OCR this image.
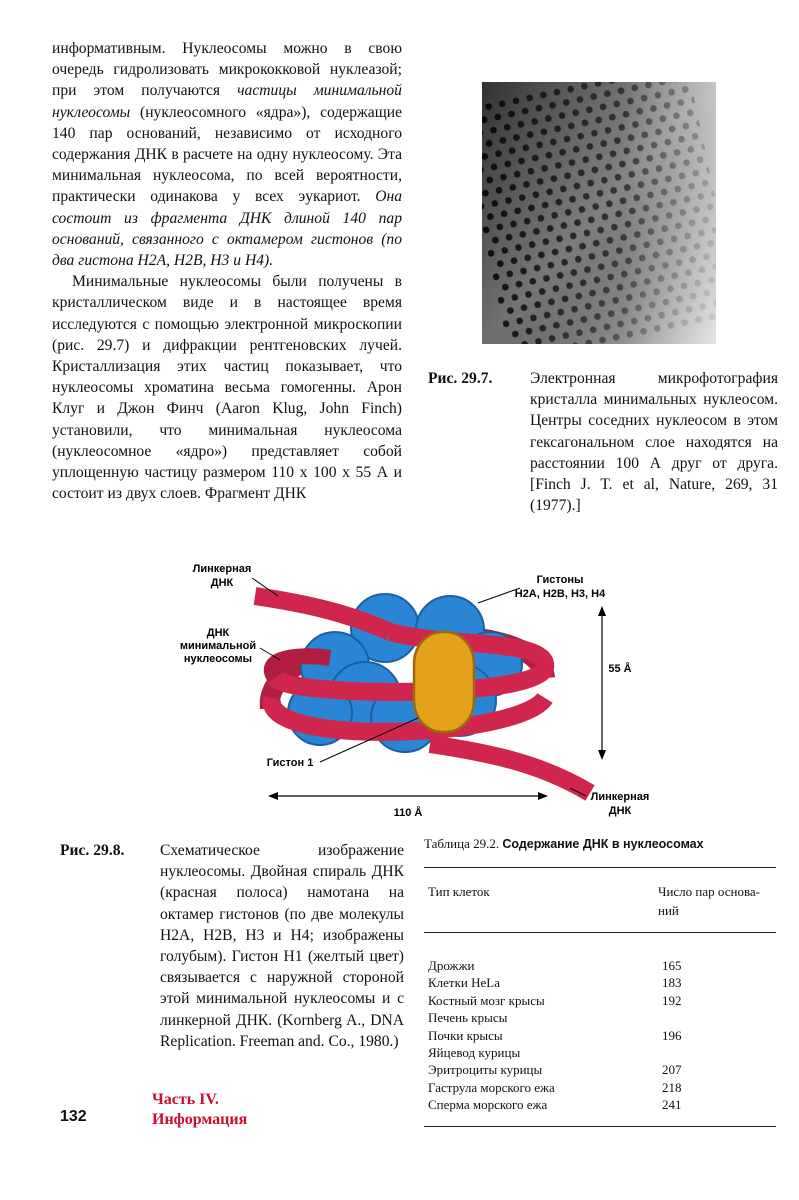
информативным. Нуклеосомы можно в свою очередь гидролизовать микрококковой нуклеазой; при этом получаются частицы минимальной нуклеосомы (нуклеосомного «ядра»), содержащие 140 пар оснований, независимо от исходного содержания ДНК в расчете на одну нуклеосому. Эта минимальная нуклеосома, по всей вероятности, практически одинакова у всех эукариот. Она состоит из фрагмента ДНК длиной 140 пар оснований, связанного с октамером гистонов (по два гистона H2A, H2B, H3 и H4).

Минимальные нуклеосомы были получены в кристаллическом виде и в настоящее время исследуются с помощью электронной микроскопии (рис. 29.7) и дифракции рентгеновских лучей. Кристаллизация этих частиц показывает, что нуклеосомы хроматина весьма гомогенны. Арон Клуг и Джон Финч (Aaron Klug, John Finch) установили, что минимальная нуклеосома (нуклеосомное «ядро») представляет собой уплощенную частицу размером 110 х 100 х 55 А и состоит из двух слоев. Фрагмент ДНК

Рис. 29.7. Электронная микрофотография кристалла минимальных нуклеосом. Центры соседних нуклеосом в этом гексагональном слое находятся на расстоянии 100 А друг от друга. [Finch J. T. et al, Nature, 269, 31 (1977).]
Линкерная
ДНК	Гистоны
H2A, H2B, H3, H4
ДНК
минимальной
нуклеосомы
55 Å
Гистон 1
110 Å
Линкерная
ДНК
Рис. 29.8.	Схематическое изображение нуклеосомы. Двойная спираль ДНК (красная полоса) намотана на октамер гистонов (по две молекулы H2A, H2B, H3 и H4; изображены голубым). Гистон H1 (желтый цвет) связывается с наружной стороной этой минимальной нуклеосомы и с линкерной ДНК. (Kornberg A., DNA Replication. Freeman and. Co., 1980.)
Таблица 29.2. Содержание ДНК в нуклеосомах
Тип клеток	Число пар основа-
ний
Дрожжи	165
Клетки HeLa	183
Костный мозг крысы	192
Печень крысы
Почки крысы	196
Яйцевод курицы
Эритроциты курицы	207
Гаструла морского ежа	218
Сперма морского ежа	241
132
Часть IV.
Информация
